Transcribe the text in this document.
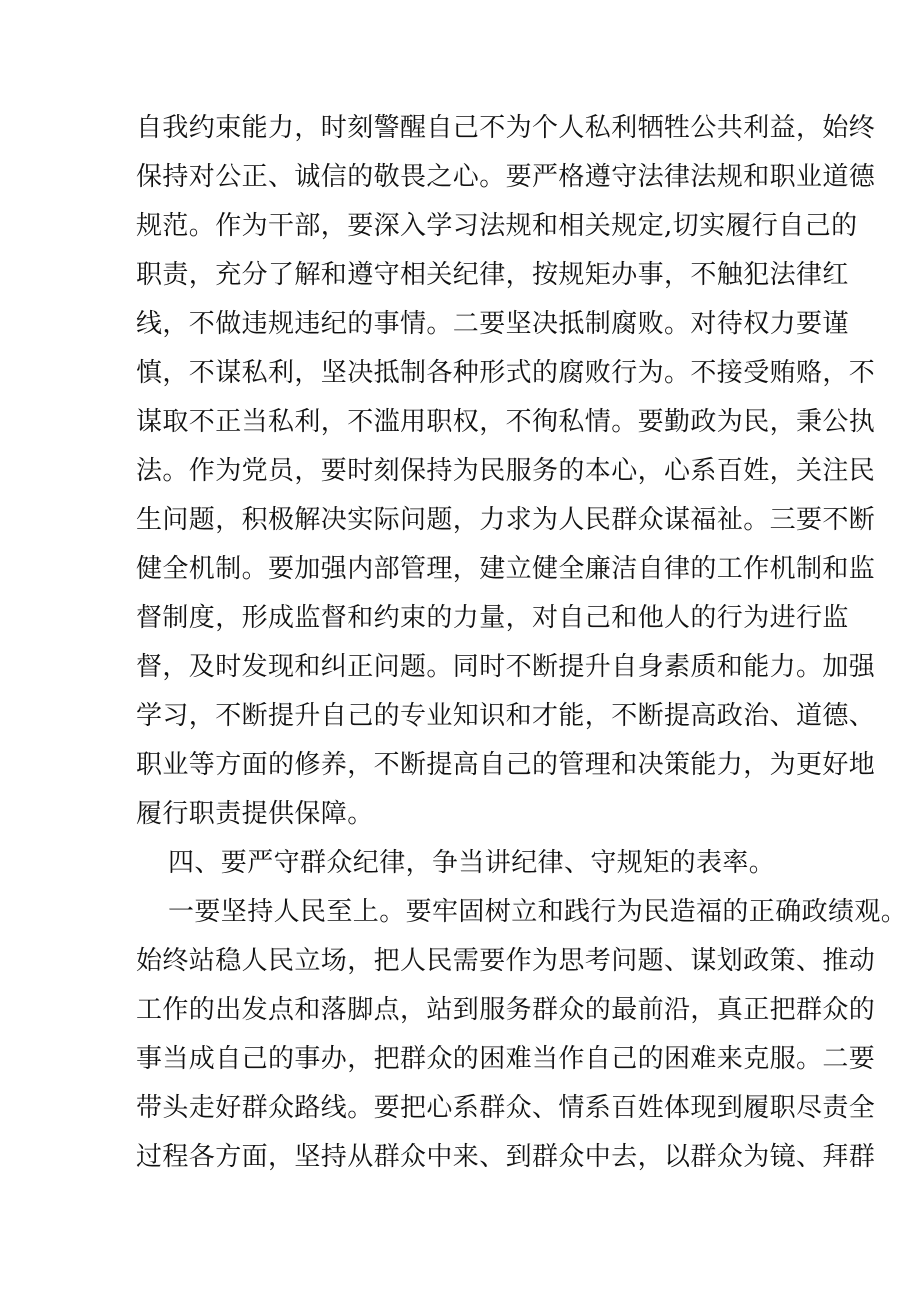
自我约束能力，时刻警醒自己不为个人私利牺牲公共利益，始终
保持对公正、诚信的敬畏之心。要严格遵守法律法规和职业道德
规范。作为干部，要深入学习法规和相关规定,切实履行自己的
职责，充分了解和遵守相关纪律，按规矩办事，不触犯法律红
线，不做违规违纪的事情。二要坚决抵制腐败。对待权力要谨
慎，不谋私利，坚决抵制各种形式的腐败行为。不接受贿赂，不
谋取不正当私利，不滥用职权，不徇私情。要勤政为民，秉公执
法。作为党员，要时刻保持为民服务的本心，心系百姓，关注民
生问题，积极解决实际问题，力求为人民群众谋福祉。三要不断
健全机制。要加强内部管理，建立健全廉洁自律的工作机制和监
督制度，形成监督和约束的力量，对自己和他人的行为进行监
督，及时发现和纠正问题。同时不断提升自身素质和能力。加强
学习，不断提升自己的专业知识和才能，不断提高政治、道德、
职业等方面的修养，不断提高自己的管理和决策能力，为更好地
履行职责提供保障。
四、要严守群众纪律，争当讲纪律、守规矩的表率。
一要坚持人民至上。要牢固树立和践行为民造福的正确政绩观。
始终站稳人民立场，把人民需要作为思考问题、谋划政策、推动
工作的出发点和落脚点，站到服务群众的最前沿，真正把群众的
事当成自己的事办，把群众的困难当作自己的困难来克服。二要
带头走好群众路线。要把心系群众、情系百姓体现到履职尽责全
过程各方面，坚持从群众中来、到群众中去，以群众为镜、拜群
